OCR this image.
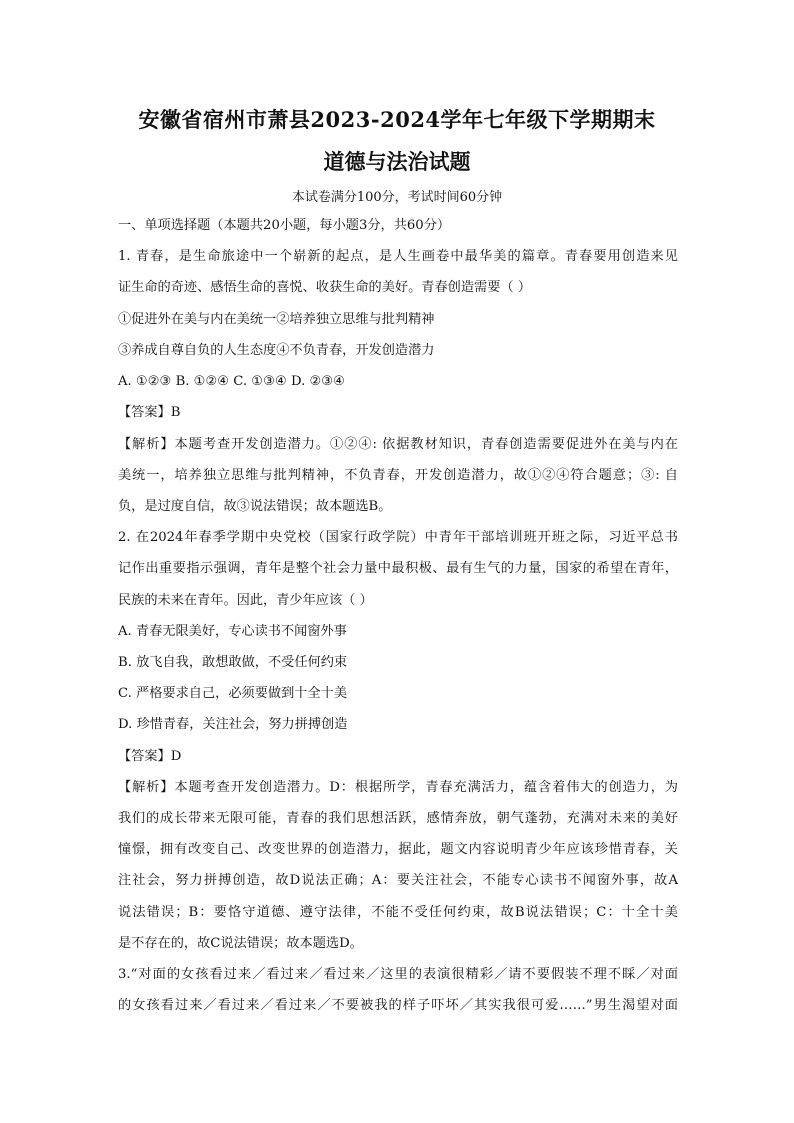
安徽省宿州市萧县2023-2024学年七年级下学期期末
道德与法治试题
本试卷满分100分，考试时间60分钟
一、单项选择题（本题共20小题，每小题3分，共60分）
1. 青春，是生命旅途中一个崭新的起点，是人生画卷中最华美的篇章。青春要用创造来见
证生命的奇迹、感悟生命的喜悦、收获生命的美好。青春创造需要（ ）
①促进外在美与内在美统一②培养独立思维与批判精神
③养成自尊自负的人生态度④不负青春，开发创造潜力
A. ①②③ B. ①②④ C. ①③④ D. ②③④
【答案】B
【解析】本题考查开发创造潜力。①②④: 依据教材知识，青春创造需要促进外在美与内在
美统一，培养独立思维与批判精神，不负青春，开发创造潜力，故①②④符合题意；③: 自
负，是过度自信，故③说法错误；故本题选B。
2. 在2024年春季学期中央党校（国家行政学院）中青年干部培训班开班之际，习近平总书
记作出重要指示强调，青年是整个社会力量中最积极、最有生气的力量，国家的希望在青年，
民族的未来在青年。因此，青少年应该（ ）
A. 青春无限美好，专心读书不闻窗外事
B. 放飞自我，敢想敢做，不受任何约束
C. 严格要求自己，必须要做到十全十美
D. 珍惜青春，关注社会，努力拼搏创造
【答案】D
【解析】本题考查开发创造潜力。D：根据所学，青春充满活力，蕴含着伟大的创造力，为
我们的成长带来无限可能，青春的我们思想活跃，感情奔放，朝气蓬勃，充满对未来的美好
憧憬，拥有改变自己、改变世界的创造潜力，据此，题文内容说明青少年应该珍惜青春，关
注社会，努力拼搏创造，故D说法正确；A：要关注社会，不能专心读书不闻窗外事，故A
说法错误；B：要恪守道德、遵守法律，不能不受任何约束，故B说法错误；C：十全十美
是不存在的，故C说法错误；故本题选D。
3.“对面的女孩看过来／看过来／看过来／这里的表演很精彩／请不要假装不理不睬／对面
的女孩看过来／看过来／看过来／不要被我的样子吓坏／其实我很可爱……”男生渴望对面
